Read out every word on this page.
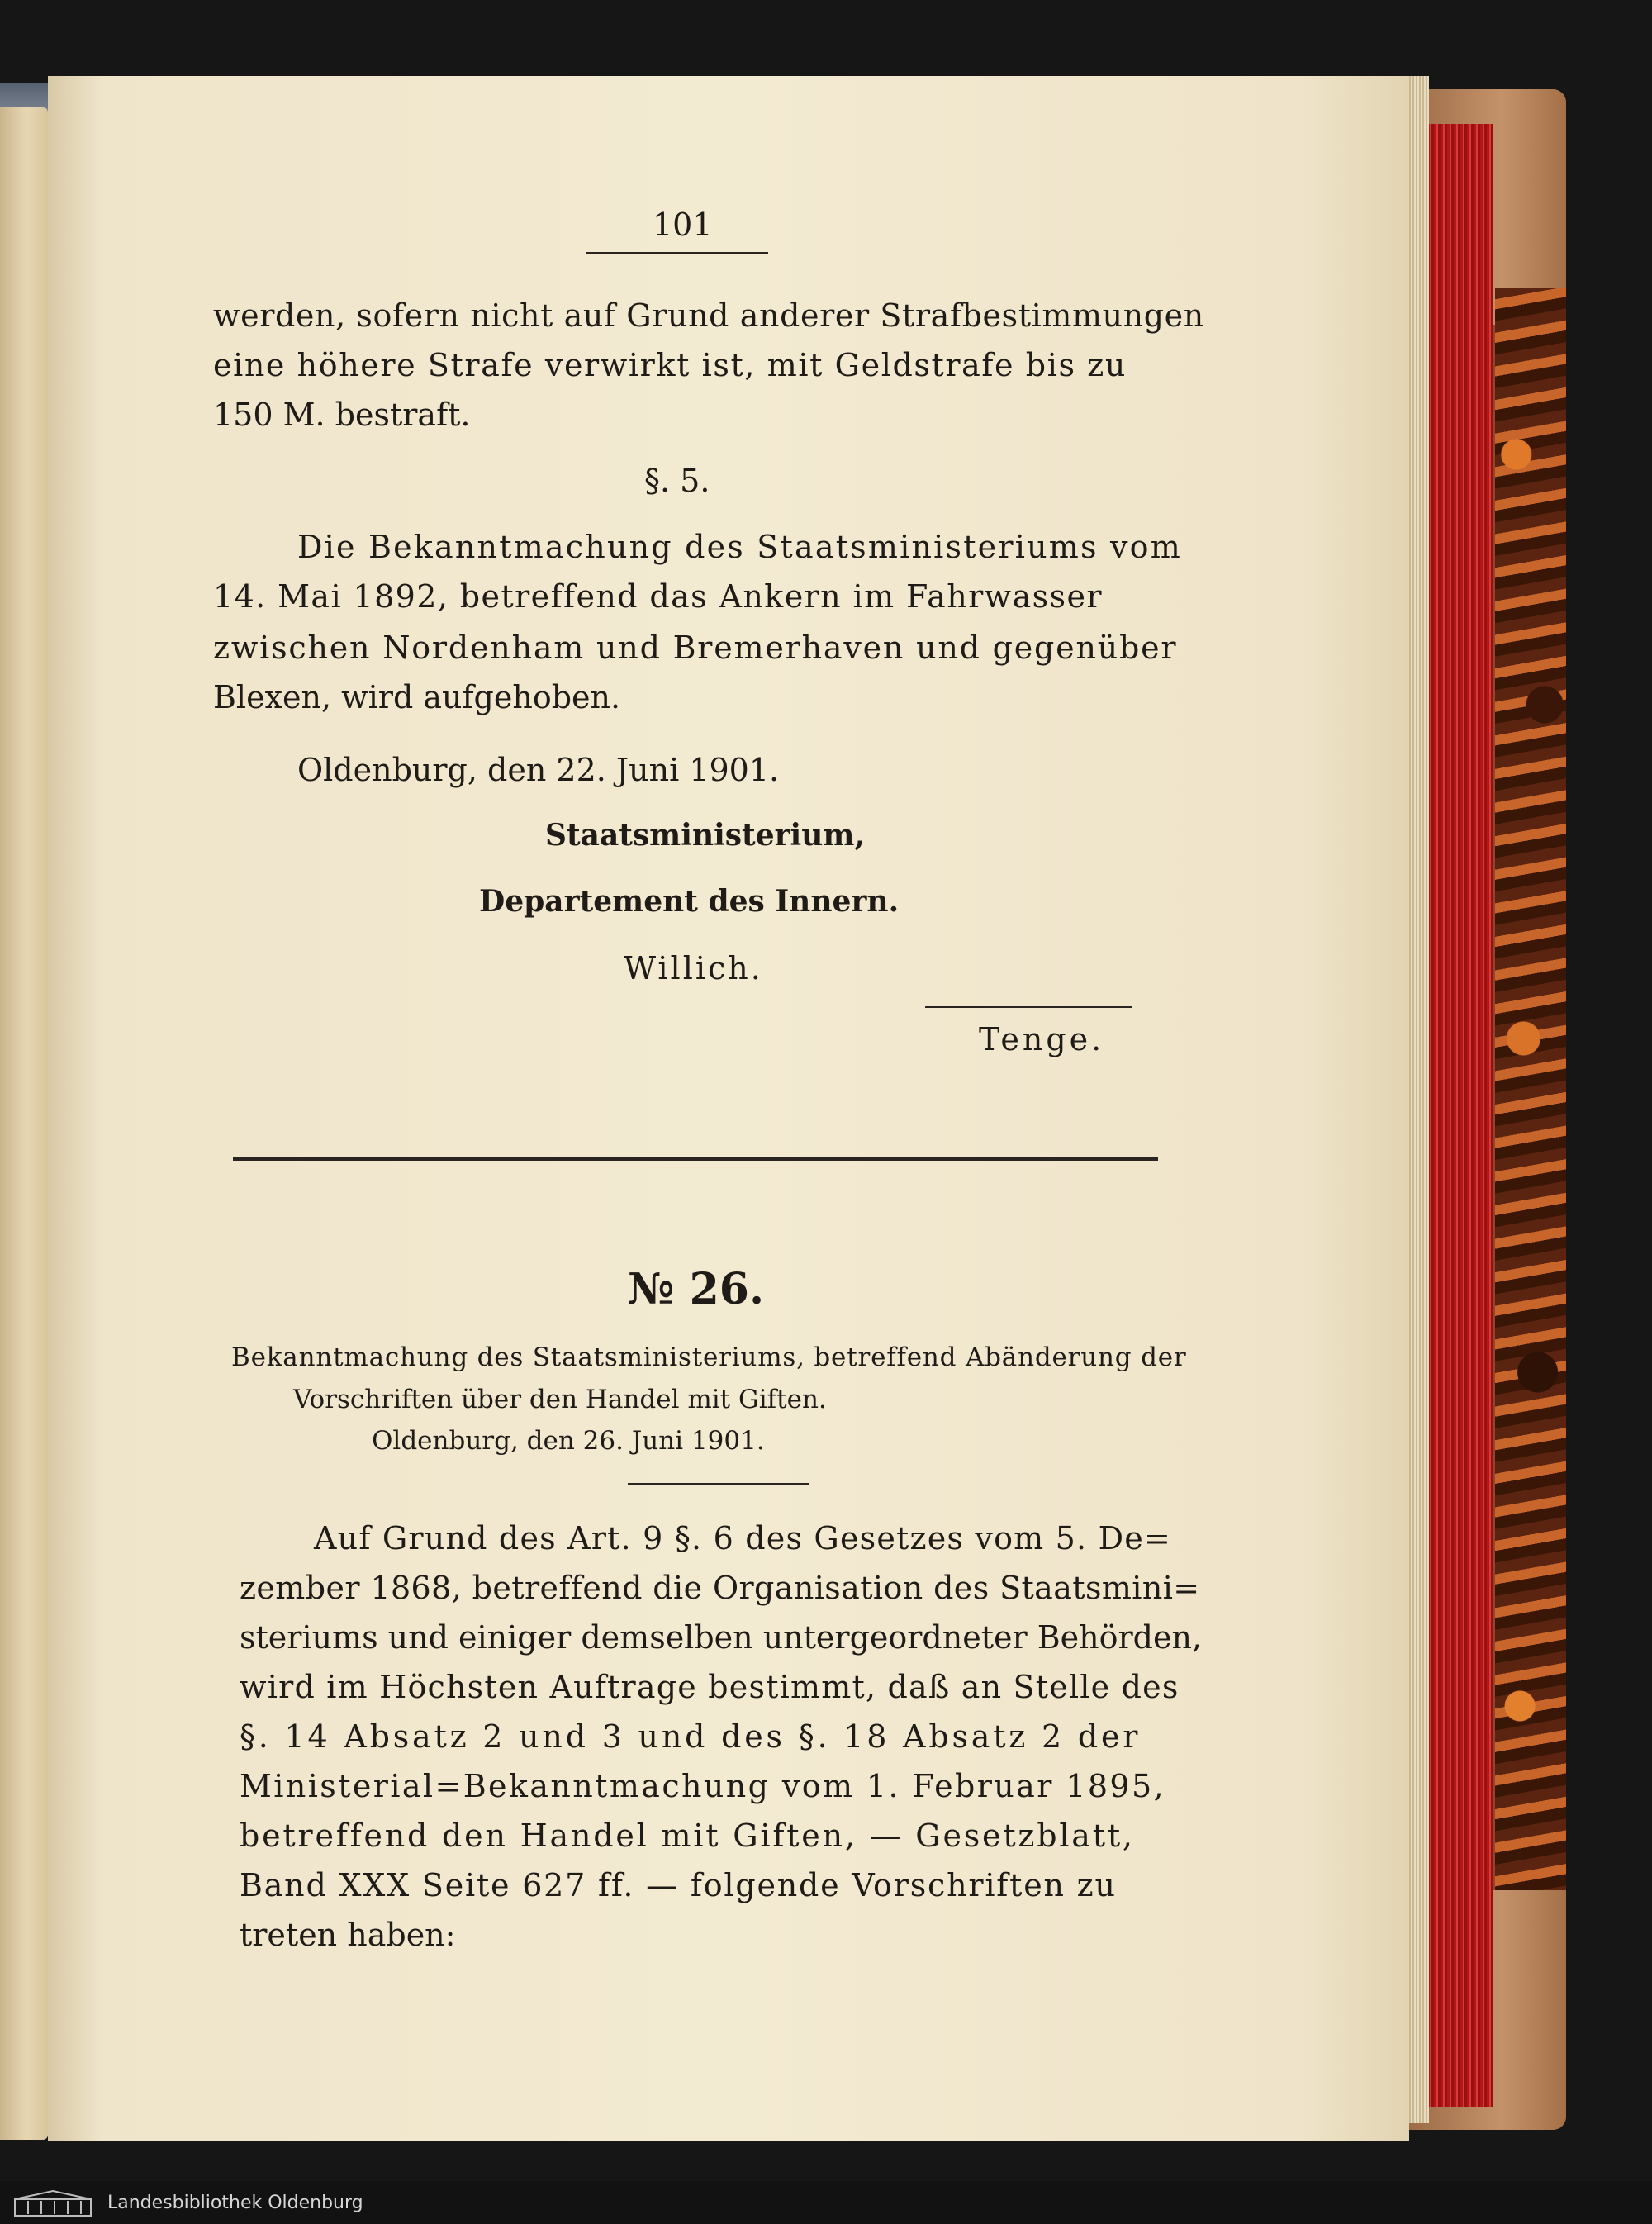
101

werden, sofern nicht auf Grund anderer Strafbestimmungen

eine höhere Strafe verwirkt ist, mit Geldstrafe bis zu

150 M. bestraft.

§. 5.

Die Bekanntmachung des Staatsministeriums vom

14. Mai 1892, betreffend das Ankern im Fahrwasser

zwischen Nordenham und Bremerhaven und gegenüber

Blexen, wird aufgehoben.

Oldenburg, den 22. Juni 1901.

Staatsministerium,

Departement des Innern.

Willich.

Tenge.

№ 26.

Bekanntmachung des Staatsministeriums, betreffend Abänderung der

Vorschriften über den Handel mit Giften.

Oldenburg, den 26. Juni 1901.

Auf Grund des Art. 9 §. 6 des Gesetzes vom 5. De=

zember 1868, betreffend die Organisation des Staatsmini=

steriums und einiger demselben untergeordneter Behörden,

wird im Höchsten Auftrage bestimmt, daß an Stelle des

§. 14 Absatz 2 und 3 und des §. 18 Absatz 2 der

Ministerial=Bekanntmachung vom 1. Februar 1895,

betreffend den Handel mit Giften, — Gesetzblatt,

Band XXX Seite 627 ff. — folgende Vorschriften zu

treten haben:

Landesbibliothek Oldenburg
